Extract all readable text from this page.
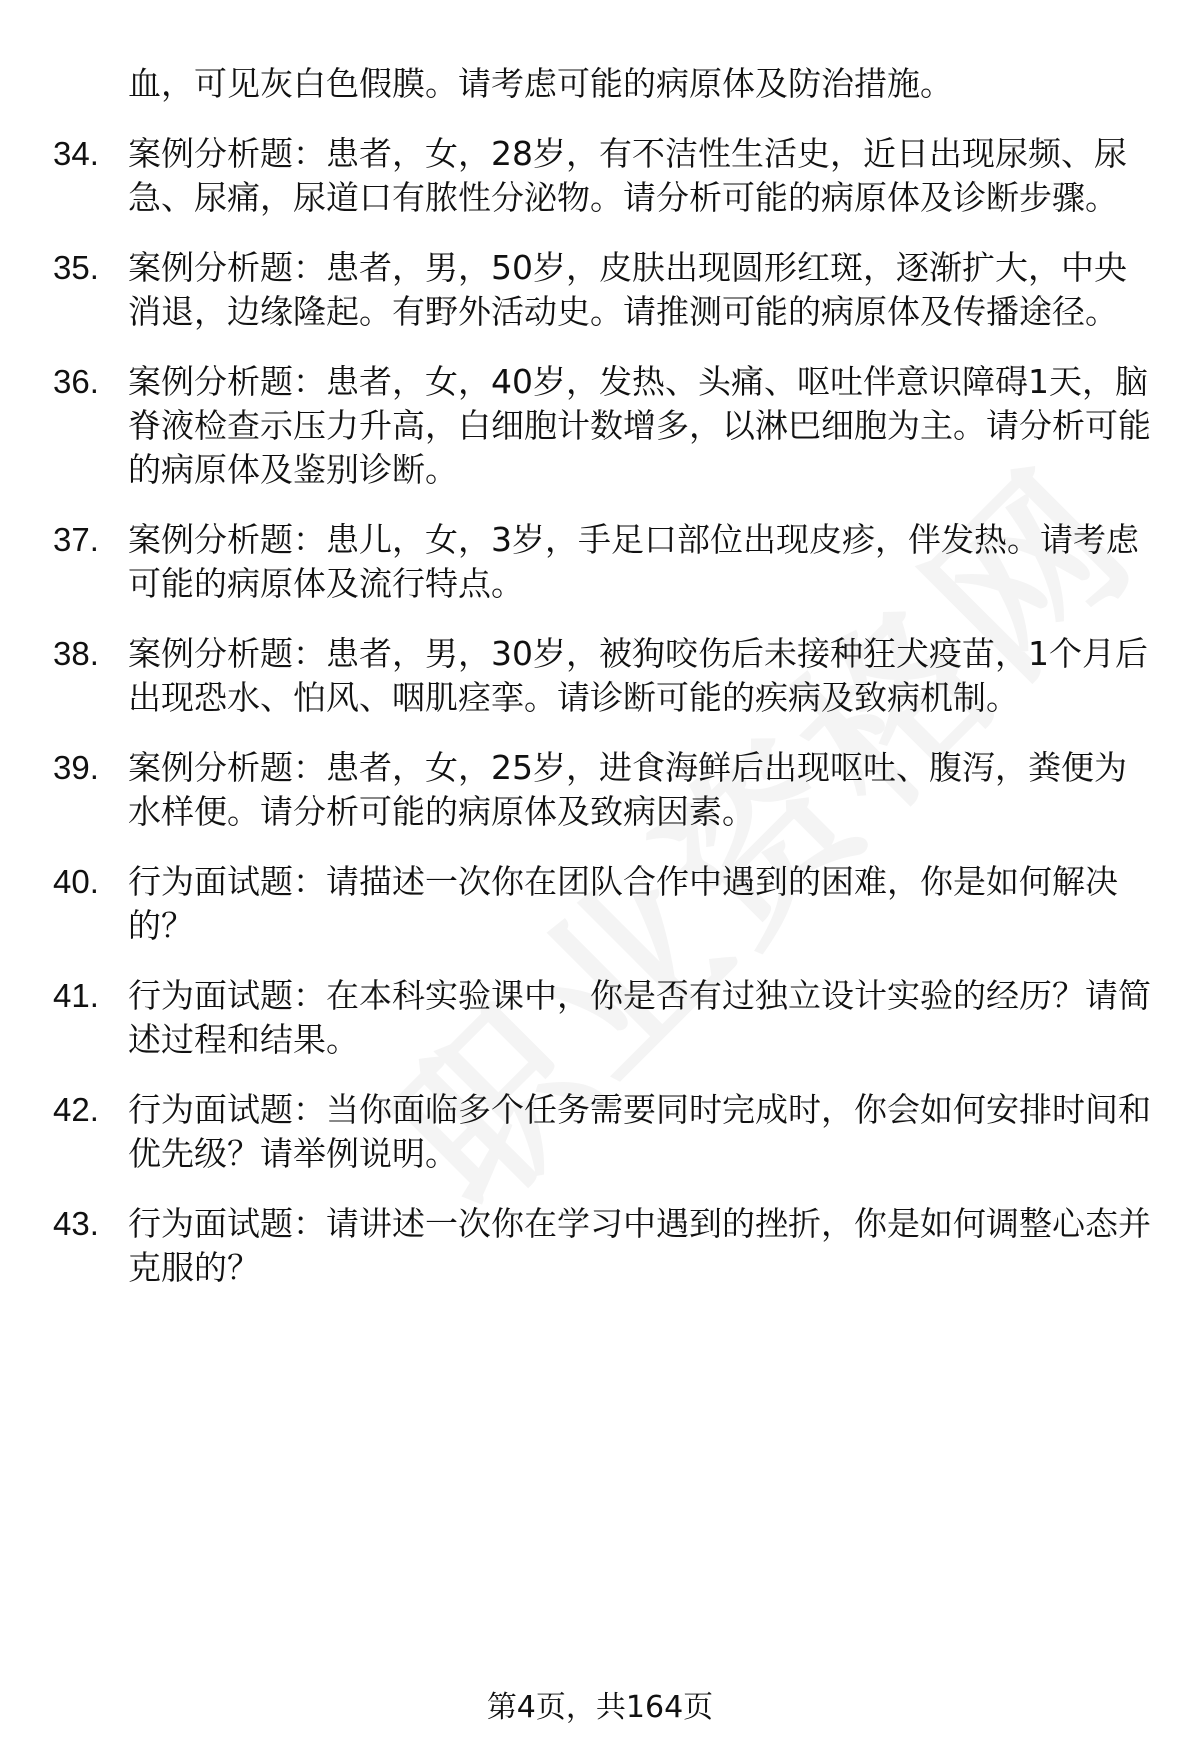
血，可见灰白色假膜。请考虑可能的病原体及防治措施。
34. 案例分析题：患者，女，28岁，有不洁性生活史，近日出现尿频、尿急、尿痛，尿道口有脓性分泌物。请分析可能的病原体及诊断步骤。
35. 案例分析题：患者，男，50岁，皮肤出现圆形红斑，逐渐扩大，中央消退，边缘隆起。有野外活动史。请推测可能的病原体及传播途径。
36. 案例分析题：患者，女，40岁，发热、头痛、呕吐伴意识障碍1天，脑脊液检查示压力升高，白细胞计数增多，以淋巴细胞为主。请分析可能的病原体及鉴别诊断。
37. 案例分析题：患儿，女，3岁，手足口部位出现皮疹，伴发热。请考虑可能的病原体及流行特点。
38. 案例分析题：患者，男，30岁，被狗咬伤后未接种狂犬疫苗，1个月后出现恐水、怕风、咽肌痉挛。请诊断可能的疾病及致病机制。
39. 案例分析题：患者，女，25岁，进食海鲜后出现呕吐、腹泻，粪便为水样便。请分析可能的病原体及致病因素。
40. 行为面试题：请描述一次你在团队合作中遇到的困难，你是如何解决的？
41. 行为面试题：在本科实验课中，你是否有过独立设计实验的经历？请简述过程和结果。
42. 行为面试题：当你面临多个任务需要同时完成时，你会如何安排时间和优先级？请举例说明。
43. 行为面试题：请讲述一次你在学习中遇到的挫折，你是如何调整心态并克服的？
第4页，共164页
